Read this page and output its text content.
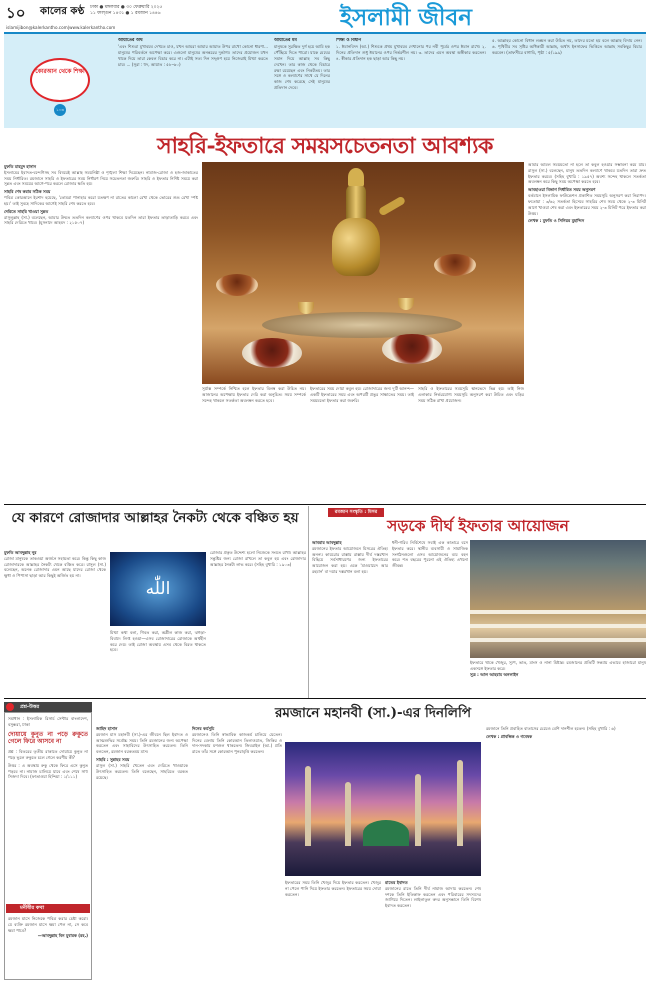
১০ কালের কণ্ঠ ঢাকা ● মঙ্গলবার ● ৩০ ফেব্রুয়ারি ২০২৫
১১ ফাল্গুন ১৪৩১ ● ১ রমজান ১৪৪৬
islamijibon@kalerkantho.com|www.kalerkantho.com	ইসলামী জীবন
কোরআন থেকে শিক্ষা
১০৩
আয়াতের অর্থ
'এবং শিশুরা মুখাবয়ব দেখতে চাও, যখন আমরা আমার আয়াত উপর রাখো কোনো ধারণা... মানুষের পরিবর্তনে অপেক্ষা করে। এগুলো মানুষের অনন্তরের দুর্ভাগ্য। তাদের প্রয়োজন যখন থাকে দিয়ে তারা কেবল বিচার করে না। এটাই সত্য দিন সদ্গুণ হয়ে নিজেরাই মিথ্যা করতে চায়। ... (সূরা : হুদ, আয়াত : ৫৮–৬০)
আয়াতের মর্ম
মানুষকে সুরক্ষিত দুর্গ হয়ে আমি হক পৌঁছিয়ে দিতে পারো। যাকে মেঘের সমান দিয়ে আল্লাহ সব কিছু দেখেন। তার কাজ থেকে বিচারে রক্ষা রয়েছেন এবং নিকটতম। তার সঙ্গে ও কল্যাণের সাথে যে দিনের কাজ শেষ করেছে সেই মানুষের প্রতিদান দেবে।
শিক্ষা ও বিধান
১. ঈমানবিদদ (আ.) শিশুকে প্রথম মুখাবয়ব দেখানোর পর নবী পূর্বের ওপর ঈমান রাখে। ২. দিনের প্রতিদান শুধু ঈমানের ওপর নির্ভরশীল নয়। ৩. তাদের এমন অবস্থা অস্বীকার করতেন। ৪. স্বীকার প্রতিদান হক ছাড়া আর কিছু নয়।
৫. আল্লাহর কোনো বিধান লঙ্ঘন করা উচিত নয়, তাদের মতো হয় বলে আল্লাহ বিদায় নেন। ৬. পৃথিবীর সব সৃষ্টির অধিকারী আল্লাহ, অর্থাৎ ইনসাফের ভিত্তিতে আল্লাহ সবকিছুর বিচার করবেন। (তাফসীরে বাগাবি, পৃষ্ঠা : ৫/১৯৯)
সাহরি-ইফতারে সময়সচেতনতা আবশ্যক
মুফতি মাহমুদ হাসান
ইসলামের ইবাদত-বন্দেগিসহ সব বিষয়েই আল্লাহ সময়নিষ্ঠা ও শৃঙ্খলা শিক্ষা দিয়েছেন। নামাজ-রোজা ও হজ-জাকাতের সময় নির্ধারিত। রমজানে সাহরি ও ইফতারের সময় নির্ধারণ নিয়ে সচেতনতা জরুরি। সাহরি ও ইফতার নির্দিষ্ট সময়ে করা সুন্নত এবং সময়ের আগে-পরে করলে রোজার ক্ষতি হয়।
সাহরি শেষ করার সঠিক সময়
পবিত্র কোরআনে ইরশাদ হয়েছে, 'তোমরা পানাহার করো যতক্ষণ না রাতের কালো রেখা থেকে ভোরের শুভ্র রেখা স্পষ্ট হয়।' তাই সুবহে সাদিকের আগেই সাহরি শেষ করতে হবে।
দেরিতে সাহরি খাওয়া সুন্নত
রাসুলুল্লাহ (সা.) বলেছেন, আমার উম্মত ততদিন কল্যাণের ওপর থাকবে যতদিন তারা ইফতার তাড়াতাড়ি করবে এবং সাহরি দেরিতে খাবে। (মুসনাদে আহমদ : ২১৫০৭)
আমার আমল সময়মতো না হলে তা কবুল হওয়ার সম্ভাবনা কমে যায়। রাসুল (সা.) বলেছেন, মানুষ ততদিন কল্যাণে থাকবে যতদিন তারা দ্রুত ইফতার করবে। (সহিহ বুখারি : ১৯৫৭) অবশ্য সন্দেহ থাকলে সতর্কতা অবলম্বন করে কিছু সময় অপেক্ষা করতে হবে।
আবহাওয়া বিভাগ নির্ধারিত সময় অনুসরণ
বর্তমানে ইসলামিক ফাউন্ডেশন প্রকাশিত সময়সূচি অনুসরণ করা নিরাপদ। ফতোয়া : ৩/৬২ সতর্কতা হিসেবে সাহরির শেষ সময় থেকে ২-৩ মিনিট আগে খাওয়া শেষ করা এবং ইফতারের সময় ২-৩ মিনিট পরে ইফতার করা উত্তম।
লেখক : মুফতি ও সিনিয়র মুহাদ্দিস
সূর্যাস্ত সম্পর্কে নিশ্চিত হলে ইফতার বিলম্ব করা উচিত নয়। আজানের অপেক্ষায় ইফতার দেরি করা অনুচিত। সময় সম্পর্কে সন্দেহ থাকলে সতর্কতা অবলম্বন করতে হবে।
ইফতারের সময় দোয়া কবুল হয়। রোজাদারের জন্য দুটি আনন্দ—একটি ইফতারের সময় এবং অপরটি প্রভুর সাক্ষাতের সময়। তাই সময়মতো ইফতার করা জরুরি।
সাহরি ও ইফতারের সময়সূচি স্থানভেদে ভিন্ন হয়। তাই নিজ এলাকার নির্ভরযোগ্য সময়সূচি অনুসরণ করা উচিত এবং ঘড়ির সময় সঠিক রাখা প্রয়োজন।
যে কারণে রোজাদার আল্লাহর নৈকট্য থেকে বঞ্চিত হয়
মুফতি আবদুল্লাহ নূর
রোজা মানুষকে তাকওয়া অর্জনে সহায়তা করে। কিন্তু কিছু কাজ রোজাদারকে আল্লাহর নৈকট্য থেকে বঞ্চিত করে। রাসুল (সা.) বলেছেন, অনেক রোজাদার এমন আছে যাদের রোজা থেকে ক্ষুধা ও পিপাসা ছাড়া আর কিছুই অর্জিত হয় না।
اللّٰه
মিথ্যা কথা বলা, গিবত করা, অশ্লীল কাজ করা, ঝগড়া-বিবাদে লিপ্ত হওয়া—এসব রোজাদারের রোজাকে অর্থহীন করে দেয়। তাই রোজা অবস্থায় এসব থেকে বিরত থাকতে হবে।
রোজার প্রকৃত উদ্দেশ্য হলো নিজেকে সংযত রাখা। আল্লাহর সন্তুষ্টির জন্য রোজা রাখলে তা কবুল হয় এবং রোজাদার আল্লাহর নৈকট্য লাভ করে। (সহিহ বুখারি : ১৯০৩)
রমজান সংস্কৃতি : মিসর
সড়কে দীর্ঘ ইফতার আয়োজন
আবরার আবদুল্লাহ
রমজানের ইফতার আয়োজনে মিসরের ঐতিহ্য অনন্য। কায়রোর রাস্তায় রাস্তায় দীর্ঘ দস্তরখান বিছিয়ে সর্বসাধারণের জন্য ইফতারের আয়োজন করা হয়। একে 'মাওয়ায়েদ আর রহমান' বা দয়ার দস্তরখান বলা হয়।
ধনী-গরিব নির্বিশেষে সবাই এক কাতারে বসে ইফতার করে। স্থানীয় ব্যবসায়ী ও সামাজিক সংগঠনগুলো এসব আয়োজনের ব্যয় বহন করে। শত বছরের পুরনো এই ঐতিহ্য এখনো জীবন্ত।
ইফতারে থাকে খেজুর, স্যুপ, ভাত, মাংস ও নানা মিষ্টান্ন। রমজানের প্রতিটি সন্ধ্যায় এভাবে হাজারো মানুষ একসঙ্গে ইফতার করে।
সূত্র : আল আহরাম অনলাইন
প্রশ্ন-উত্তর
সমাধান : ইসলামিক রিসার্চ সেন্টার বাংলাদেশ, বসুন্ধরা, ঢাকা
দোয়ায়ে কুনুত না পড়ে রুকুতে গেলে ফিরে আসবে না
প্রশ্ন : বিতরের তৃতীয় রাকাতে দোয়ায়ে কুনুত না পড়ে ভুলে রুকুতে চলে গেলে করণীয় কী?
উত্তর : এ অবস্থায় রুকু থেকে ফিরে এসে কুনুত পড়বে না। নামাজ চালিয়ে যাবে এবং শেষে সাহু সিজদা দিবে। (ফাতাওয়া হিন্দিয়া : ১/১১১)
মনীষীর কথা
রমজান মাসে নিজেকে পবিত্র করার চেষ্টা করো। যে ব্যক্তি রমজান মাসে ক্ষমা পেল না, সে কবে ক্ষমা পাবে?
—আবদুল্লাহ বিন মুবারক (রহ.)
রমজানে মহানবী (সা.)-এর দিনলিপি
জাহিদ হাসান
রমজান মাস মহানবী (সা.)-এর জীবনে ছিল ইবাদত ও আত্মশুদ্ধির সর্বোচ্চ সময়। তিনি রমজানের জন্য অপেক্ষা করতেন এবং সাহাবিদের উৎসাহিত করতেন। তিনি বলতেন, রমজান বরকতময় মাস।
সাহরি : সুন্নাহর সময়
রাসুল (সা.) সাহরি খেতেন এবং দেরিতে খাওয়াকে উৎসাহিত করতেন। তিনি বলেছেন, সাহরিতে বরকত রয়েছে।
দিনের কর্মসূচি
রমজানেও তিনি স্বাভাবিক কাজকর্ম চালিয়ে যেতেন। দিনের বেলায় তিনি কোরআন তিলাওয়াত, জিকির ও দান-সদকায় মশগুল থাকতেন। জিবরাইল (আ.) প্রতি রাতে তাঁর সঙ্গে কোরআন পুনরাবৃত্তি করতেন।
ইফতারের সময় তিনি খেজুর দিয়ে ইফতার করতেন। খেজুর না পেলে পানি দিয়ে ইফতার করতেন। ইফতারের সময় দোয়া করতেন।
রাতের ইবাদত
রমজানের রাতে তিনি দীর্ঘ নামাজ আদায় করতেন। শেষ দশকে তিনি ইতিকাফ করতেন এবং পরিবারের সদস্যদের জাগিয়ে দিতেন। লাইলাতুল কদর অনুসন্ধানে তিনি বিশেষ ইবাদত করতেন।
রমজানে তিনি প্রবাহিত বাতাসের চেয়েও বেশি দানশীল হতেন। (সহিহ বুখারি : ৬)
লেখক : প্রাবন্ধিক ও গবেষক
